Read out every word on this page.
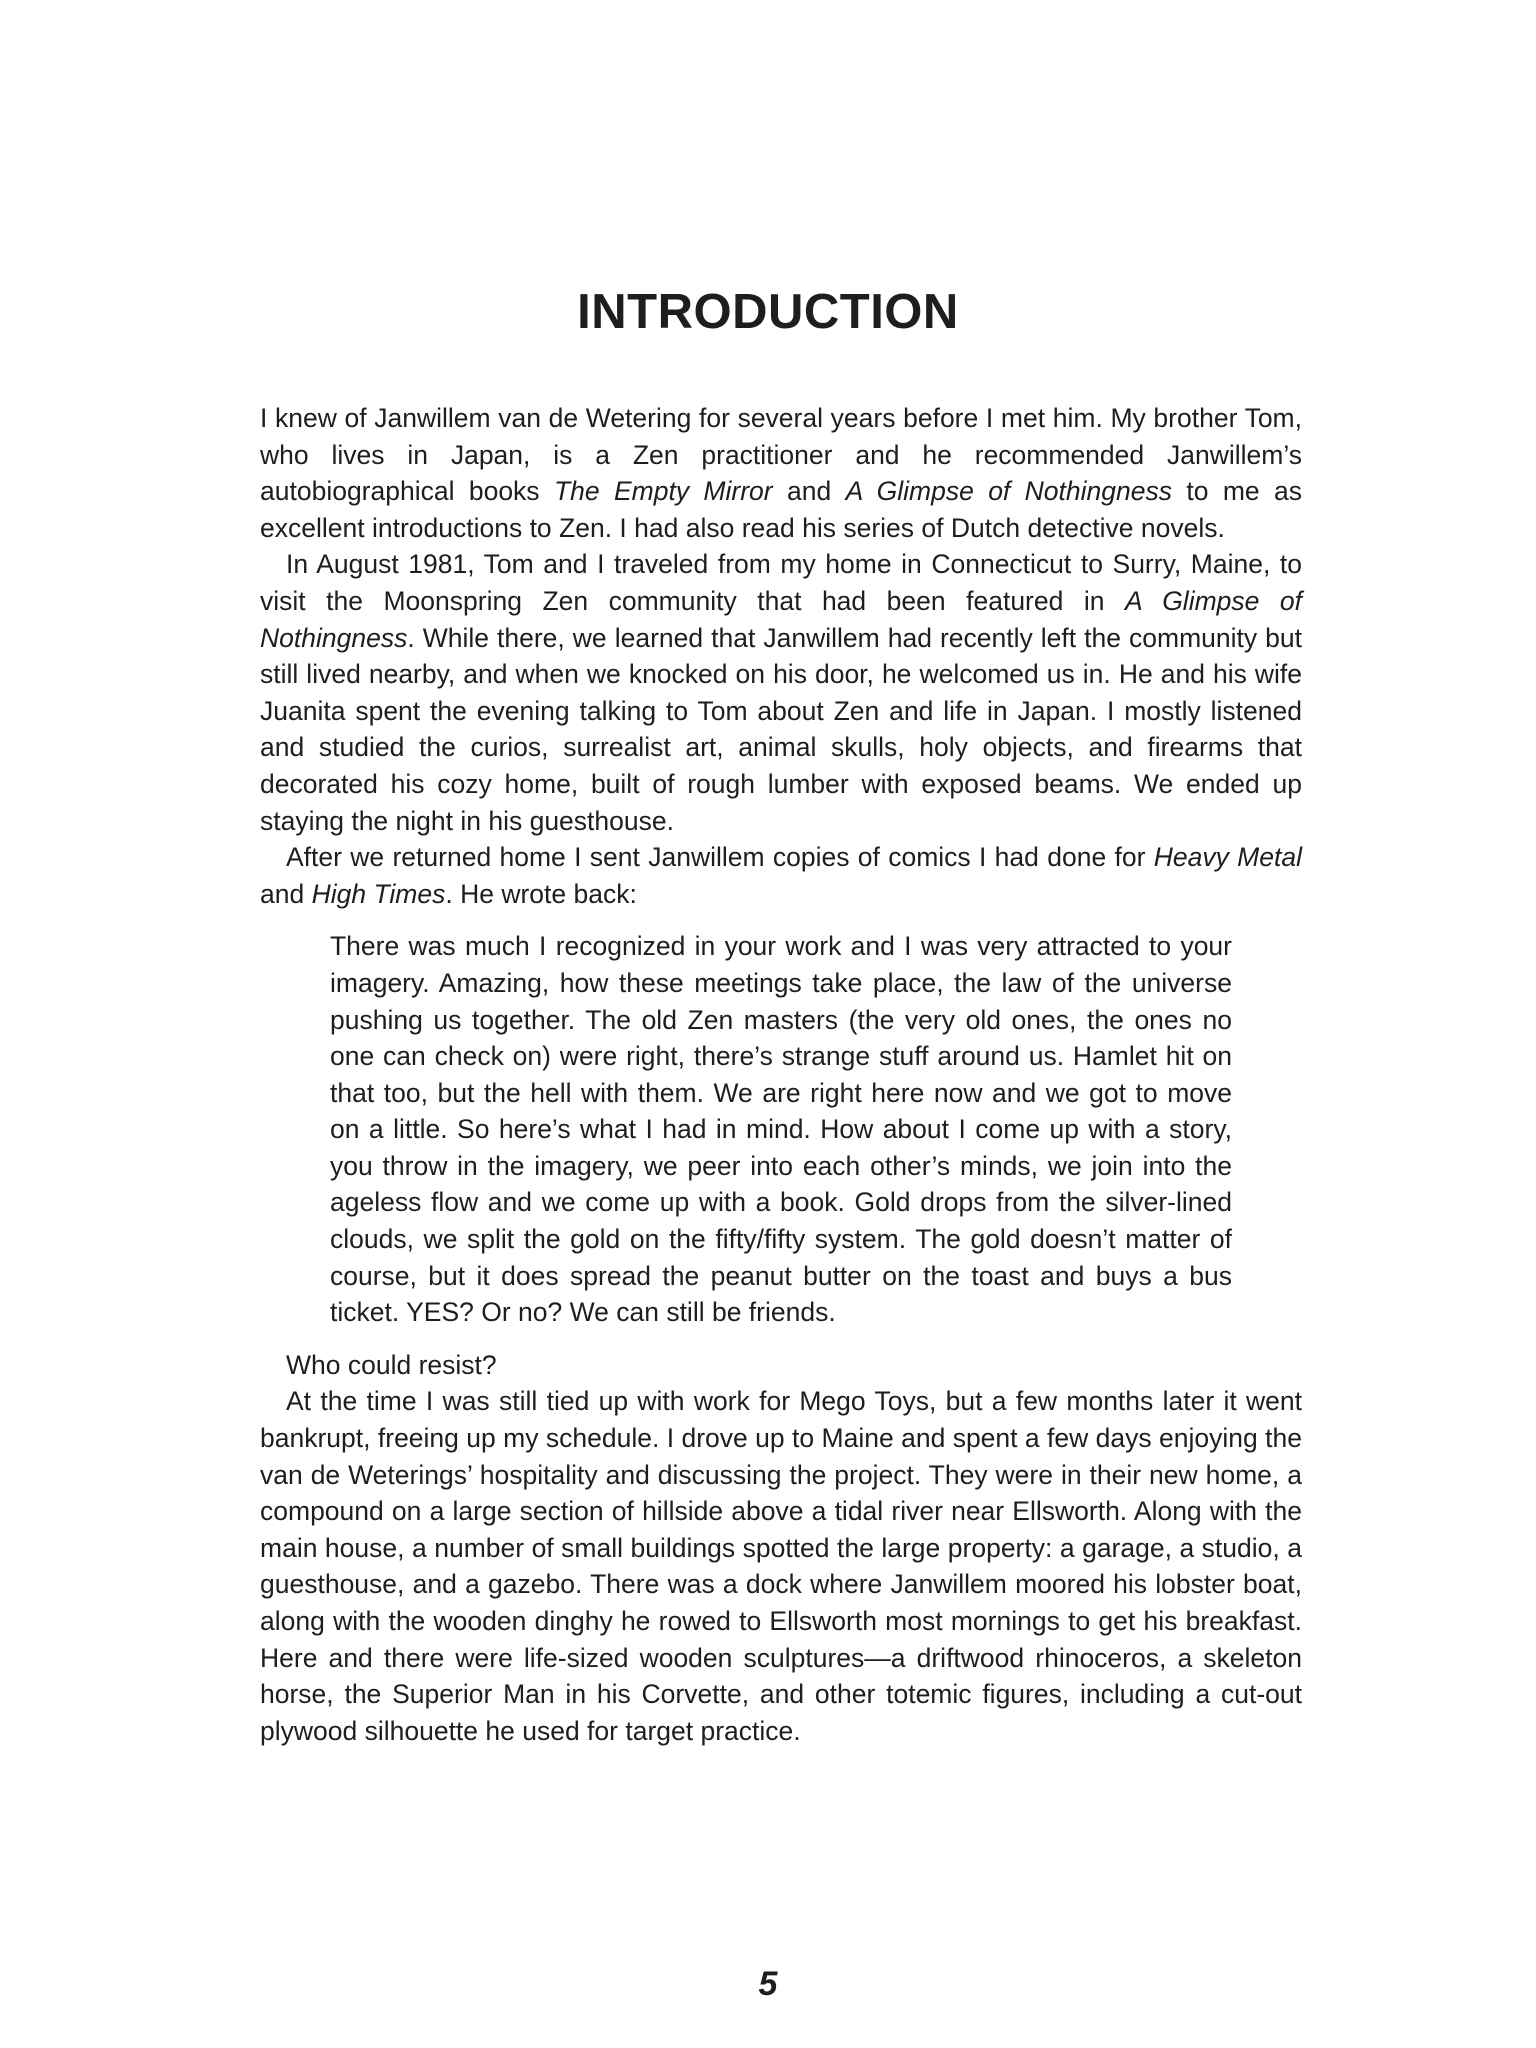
INTRODUCTION

I knew of Janwillem van de Wetering for several years before I met him. My brother Tom, who lives in Japan, is a Zen practitioner and he recommended Janwillem’s autobiographical books The Empty Mirror and A Glimpse of Nothingness to me as excellent introductions to Zen. I had also read his series of Dutch detective novels.

In August 1981, Tom and I traveled from my home in Connecticut to Surry, Maine, to visit the Moonspring Zen community that had been featured in A Glimpse of Nothingness. While there, we learned that Janwillem had recently left the community but still lived nearby, and when we knocked on his door, he welcomed us in. He and his wife Juanita spent the evening talking to Tom about Zen and life in Japan. I mostly listened and studied the curios, surrealist art, animal skulls, holy objects, and firearms that decorated his cozy home, built of rough lumber with exposed beams. We ended up staying the night in his guesthouse.

After we returned home I sent Janwillem copies of comics I had done for Heavy Metal and High Times. He wrote back:

There was much I recognized in your work and I was very attracted to your imagery. Amazing, how these meetings take place, the law of the universe pushing us together. The old Zen masters (the very old ones, the ones no one can check on) were right, there’s strange stuff around us. Hamlet hit on that too, but the hell with them. We are right here now and we got to move on a little. So here’s what I had in mind. How about I come up with a story, you throw in the imagery, we peer into each other’s minds, we join into the ageless flow and we come up with a book. Gold drops from the silver-lined clouds, we split the gold on the fifty/fifty system. The gold doesn’t matter of course, but it does spread the peanut butter on the toast and buys a bus ticket. YES? Or no? We can still be friends.

Who could resist?

At the time I was still tied up with work for Mego Toys, but a few months later it went bankrupt, freeing up my schedule. I drove up to Maine and spent a few days enjoying the van de Weterings’ hospitality and discussing the project. They were in their new home, a compound on a large section of hillside above a tidal river near Ellsworth. Along with the main house, a number of small buildings spotted the large property: a garage, a studio, a guesthouse, and a gazebo. There was a dock where Janwillem moored his lobster boat, along with the wooden dinghy he rowed to Ellsworth most mornings to get his breakfast. Here and there were life-sized wooden sculptures—a driftwood rhinoceros, a skeleton horse, the Superior Man in his Corvette, and other totemic figures, including a cut-out plywood silhouette he used for target practice.

5
